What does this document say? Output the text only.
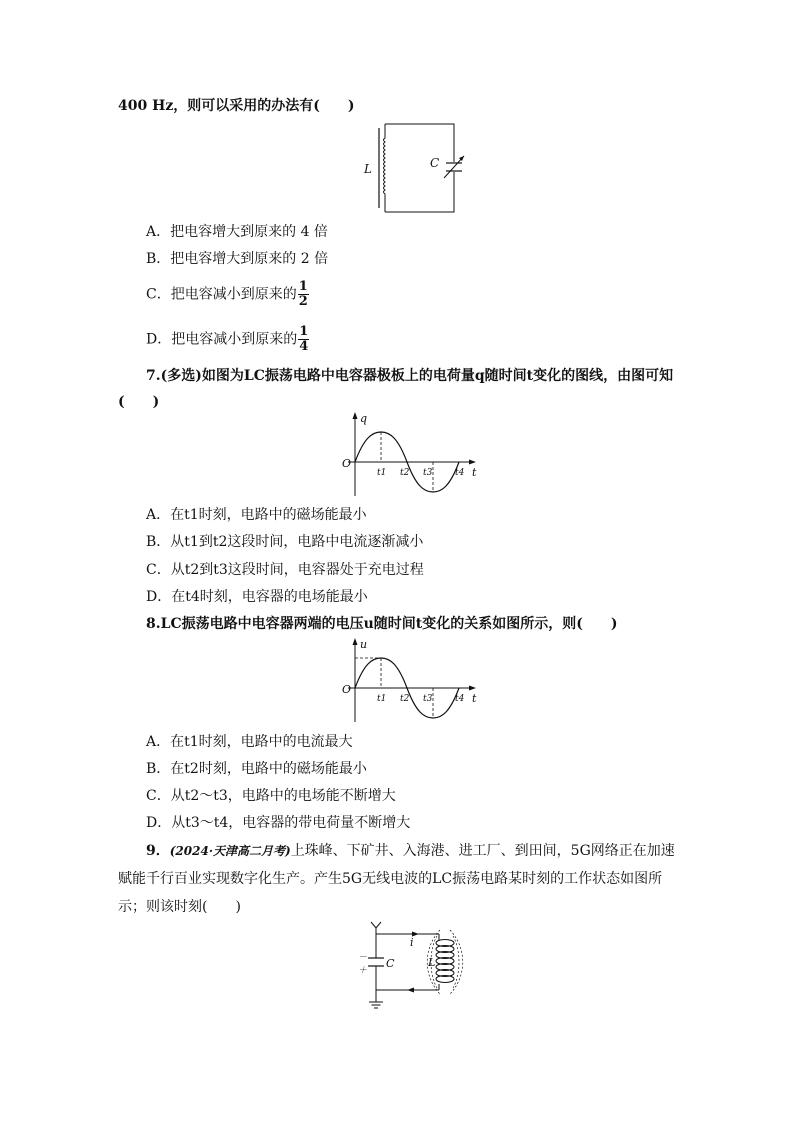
400 Hz，则可以采用的办法有(　　)
L	C
A．把电容增大到原来的 4 倍
B．把电容增大到原来的 2 倍
C．把电容减小到原来的 $\frac{1}{2}$
D．把电容减小到原来的 $\frac{1}{4}$
7.(多选)如图为LC振荡电路中电容器极板上的电荷量q随时间t变化的图线，由图可知
(　　)
q
t
O
t1 t2 t3	t4
A．在t1时刻，电路中的磁场能最小
B．从t1到t2这段时间，电路中电流逐渐减小
C．从t2到t3这段时间，电容器处于充电过程
D．在t4时刻，电容器的电场能最小
8.LC振荡电路中电容器两端的电压u随时间t变化的关系如图所示，则(　　)
u
t
O
t1 t2 t3	t4
A．在t1时刻，电路中的电流最大
B．在t2时刻，电路中的磁场能最小
C．从t2～t3，电路中的电场能不断增大
D．从t3～t4，电容器的带电荷量不断增大
9．(2024·天津高二月考)上珠峰、下矿井、入海港、进工厂、到田间，5G网络正在加速
赋能千行百业实现数字化生产。产生5G无线电波的LC振荡电路某时刻的工作状态如图所
示；则该时刻(　　)
i
C	L
－
＋
